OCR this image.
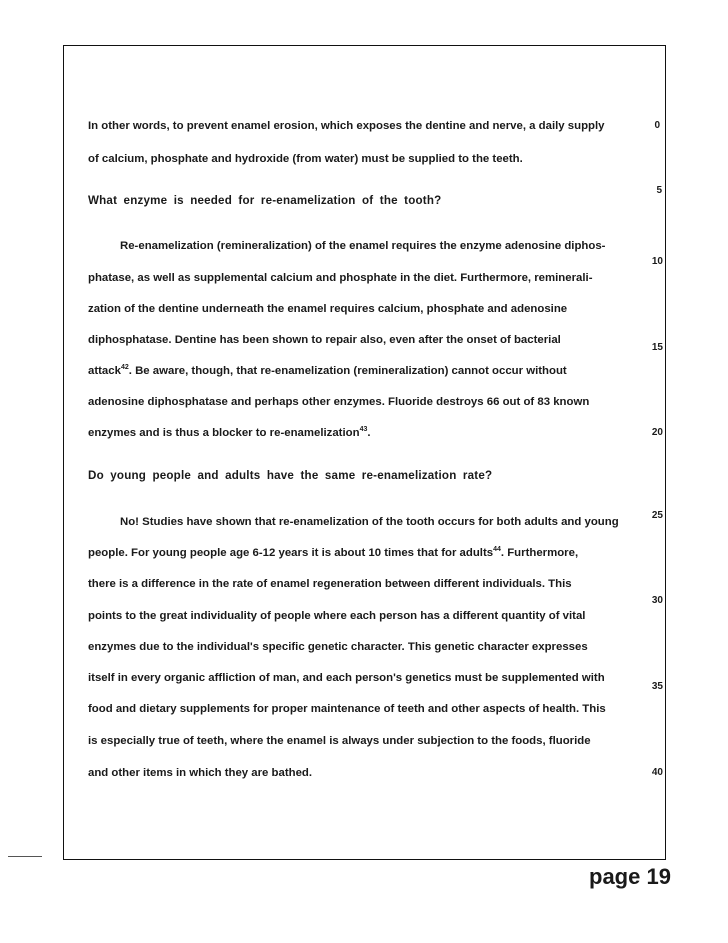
In other words, to prevent enamel erosion, which exposes the dentine and nerve, a daily supply
of calcium, phosphate and hydroxide (from water) must be supplied to the teeth.
What enzyme is needed for re-enamelization of the tooth?
Re-enamelization (remineralization) of the enamel requires the enzyme adenosine diphos-
phatase, as well as supplemental calcium and phosphate in the diet. Furthermore, reminerali-
zation of the dentine underneath the enamel requires calcium, phosphate and adenosine
diphosphatase. Dentine has been shown to repair also, even after the onset of bacterial
attack$^{42}$. Be aware, though, that re-enamelization (remineralization) cannot occur without
adenosine diphosphatase and perhaps other enzymes. Fluoride destroys 66 out of 83 known
enzymes and is thus a blocker to re-enamelization$^{43}$.
Do young people and adults have the same re-enamelization rate?
No! Studies have shown that re-enamelization of the tooth occurs for both adults and young
people. For young people age 6-12 years it is about 10 times that for adults$^{44}$. Furthermore,
there is a difference in the rate of enamel regeneration between different individuals. This
points to the great individuality of people where each person has a different quantity of vital
enzymes due to the individual's specific genetic character. This genetic character expresses
itself in every organic affliction of man, and each person's genetics must be supplemented with
food and dietary supplements for proper maintenance of teeth and other aspects of health. This
is especially true of teeth, where the enamel is always under subjection to the foods, fluoride
and other items in which they are bathed.
0
5
10
15
20
25
30
35
40
page 19
